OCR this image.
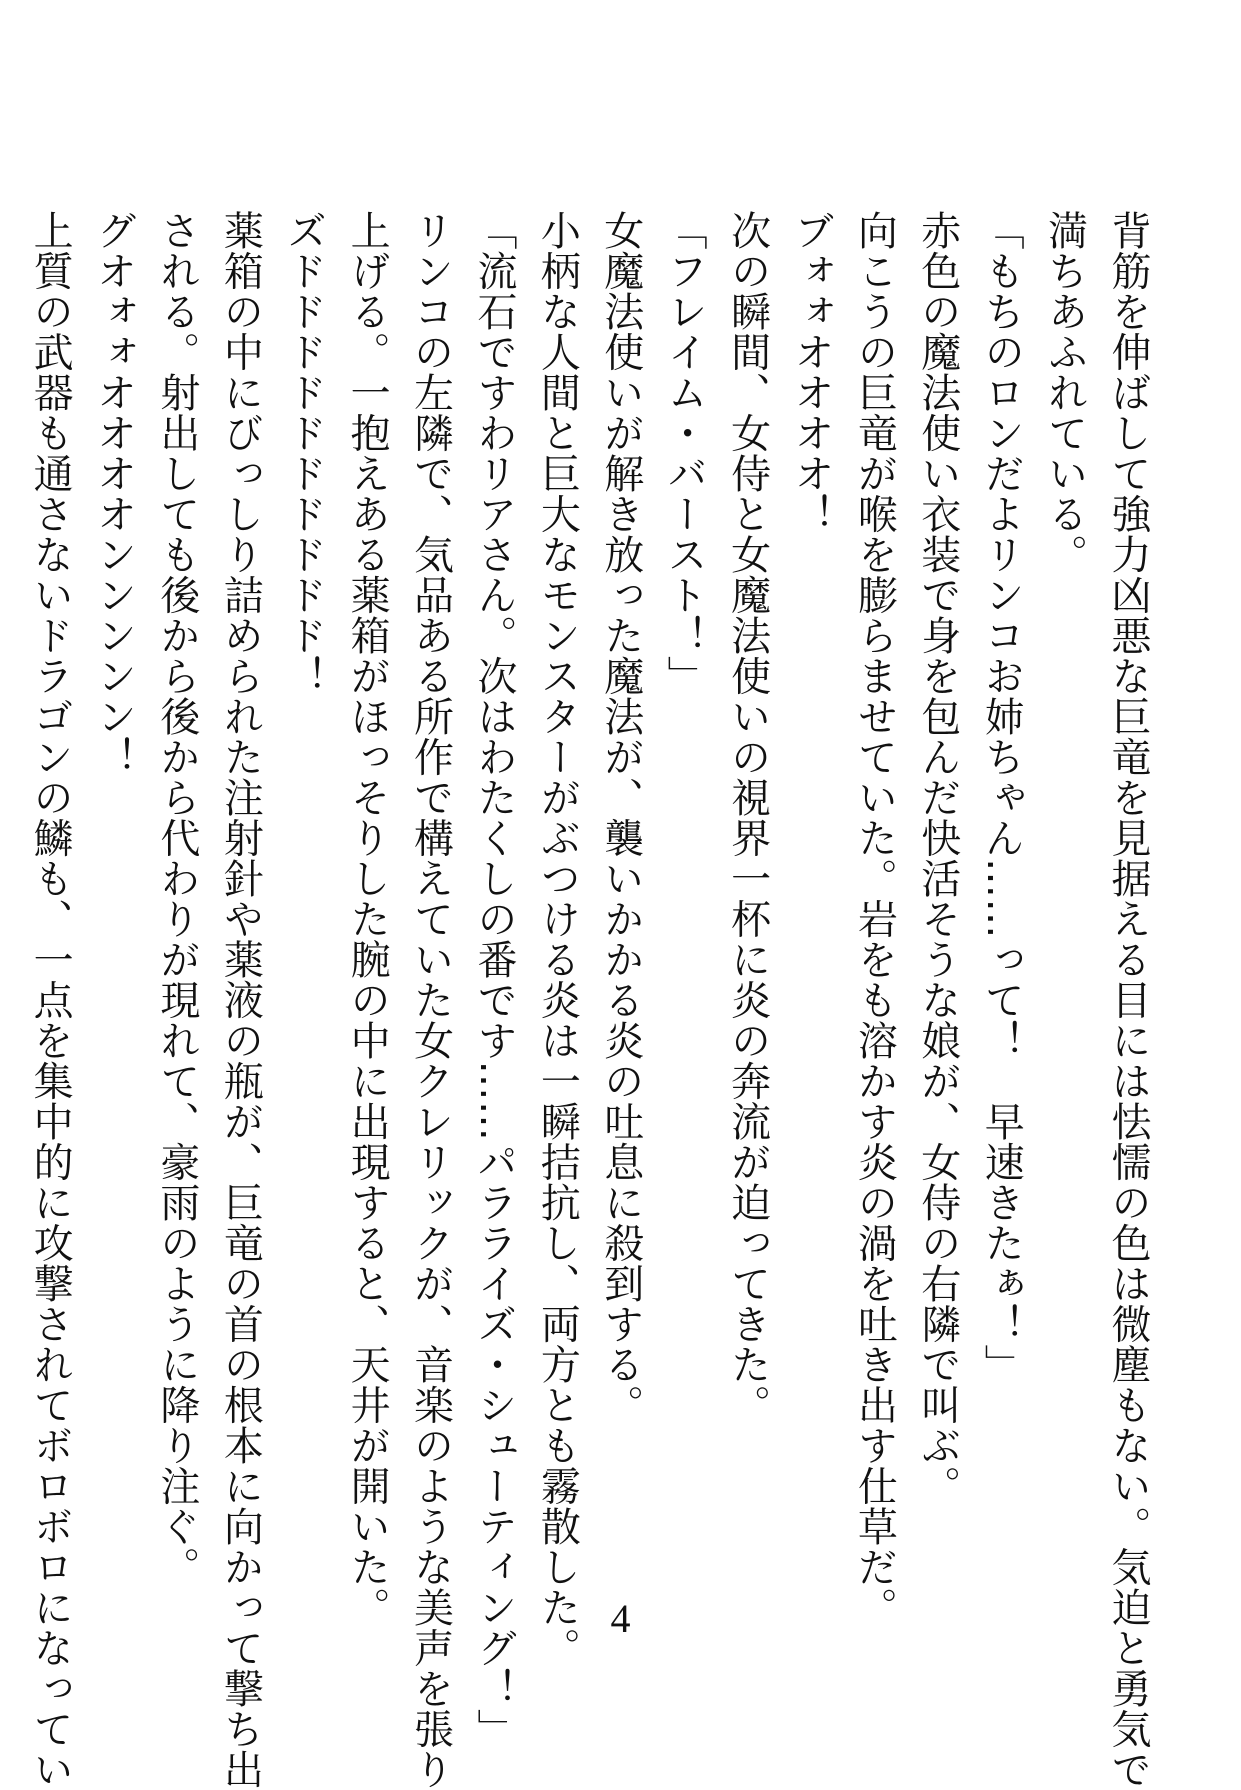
背筋を伸ばして強力凶悪な巨竜を見据える目には怯懦の色は微塵もない。気迫と勇気で
満ちあふれている。
「もちのロンだよリンコお姉ちゃん……って！　早速きたぁ！」
赤色の魔法使い衣装で身を包んだ快活そうな娘が、女侍の右隣で叫ぶ。
向こうの巨竜が喉を膨らませていた。岩をも溶かす炎の渦を吐き出す仕草だ。
ブォォオオオオ！
次の瞬間、女侍と女魔法使いの視界一杯に炎の奔流が迫ってきた。
「フレイム・バースト！」
女魔法使いが解き放った魔法が、襲いかかる炎の吐息に殺到する。
小柄な人間と巨大なモンスターがぶつける炎は一瞬拮抗し、両方とも霧散した。
「流石ですわリアさん。次はわたくしの番です……パラライズ・シューティング！」
リンコの左隣で、気品ある所作で構えていた女クレリックが、音楽のような美声を張り
上げる。一抱えある薬箱がほっそりした腕の中に出現すると、天井が開いた。
ズドドドドドドドドドド！
薬箱の中にびっしり詰められた注射針や薬液の瓶が、巨竜の首の根本に向かって撃ち出
される。射出しても後から後から代わりが現れて、豪雨のように降り注ぐ。
グオォォオオオオンンンンン！
上質の武器も通さないドラゴンの鱗も、一点を集中的に攻撃されてボロボロになってい	4
